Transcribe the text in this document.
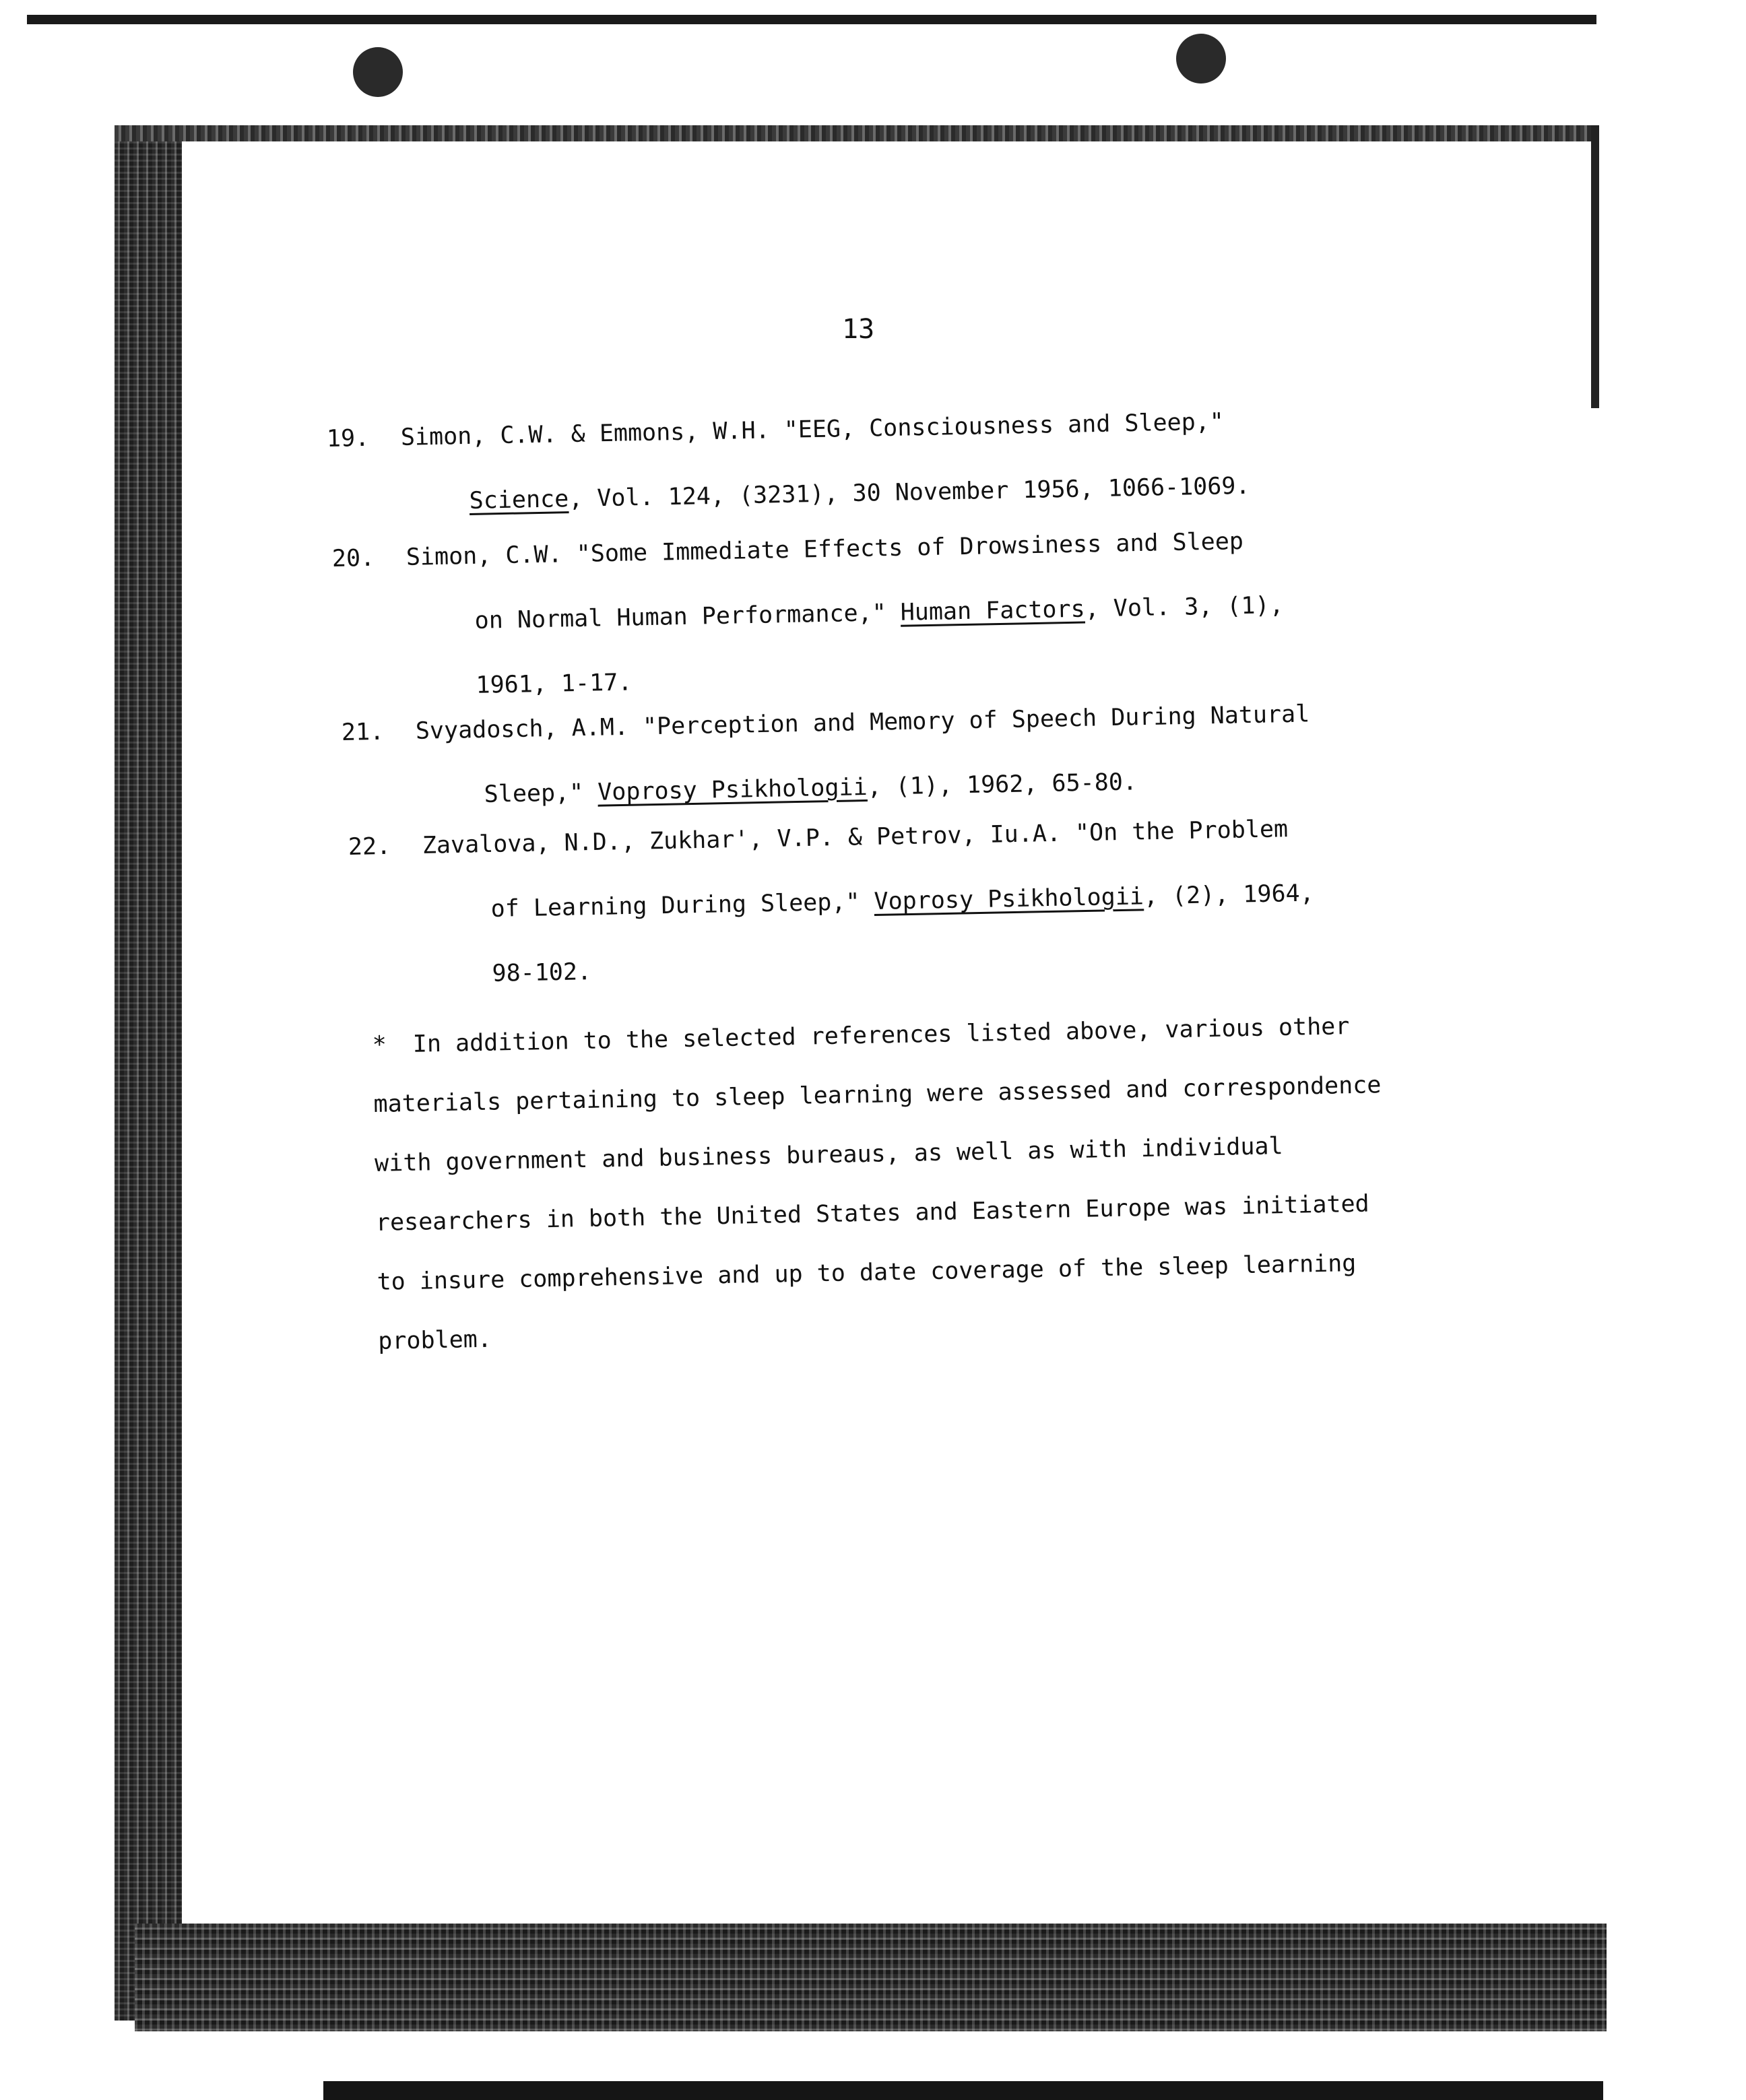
13
19. Simon, C.W. & Emmons, W.H. "EEG, Consciousness and Sleep,"
Science, Vol. 124, (3231), 30 November 1956, 1066-1069.
20. Simon, C.W. "Some Immediate Effects of Drowsiness and Sleep
on Normal Human Performance," Human Factors, Vol. 3, (1),
1961, 1-17.
21. Svyadosch, A.M. "Perception and Memory of Speech During Natural
Sleep," Voprosy Psikhologii, (1), 1962, 65-80.
22. Zavalova, N.D., Zukhar', V.P. & Petrov, Iu.A. "On the Problem
of Learning During Sleep," Voprosy Psikhologii, (2), 1964,
98-102.
* In addition to the selected references listed above, various other
materials pertaining to sleep learning were assessed and correspondence
with government and business bureaus, as well as with individual
researchers in both the United States and Eastern Europe was initiated
to insure comprehensive and up to date coverage of the sleep learning
problem.
